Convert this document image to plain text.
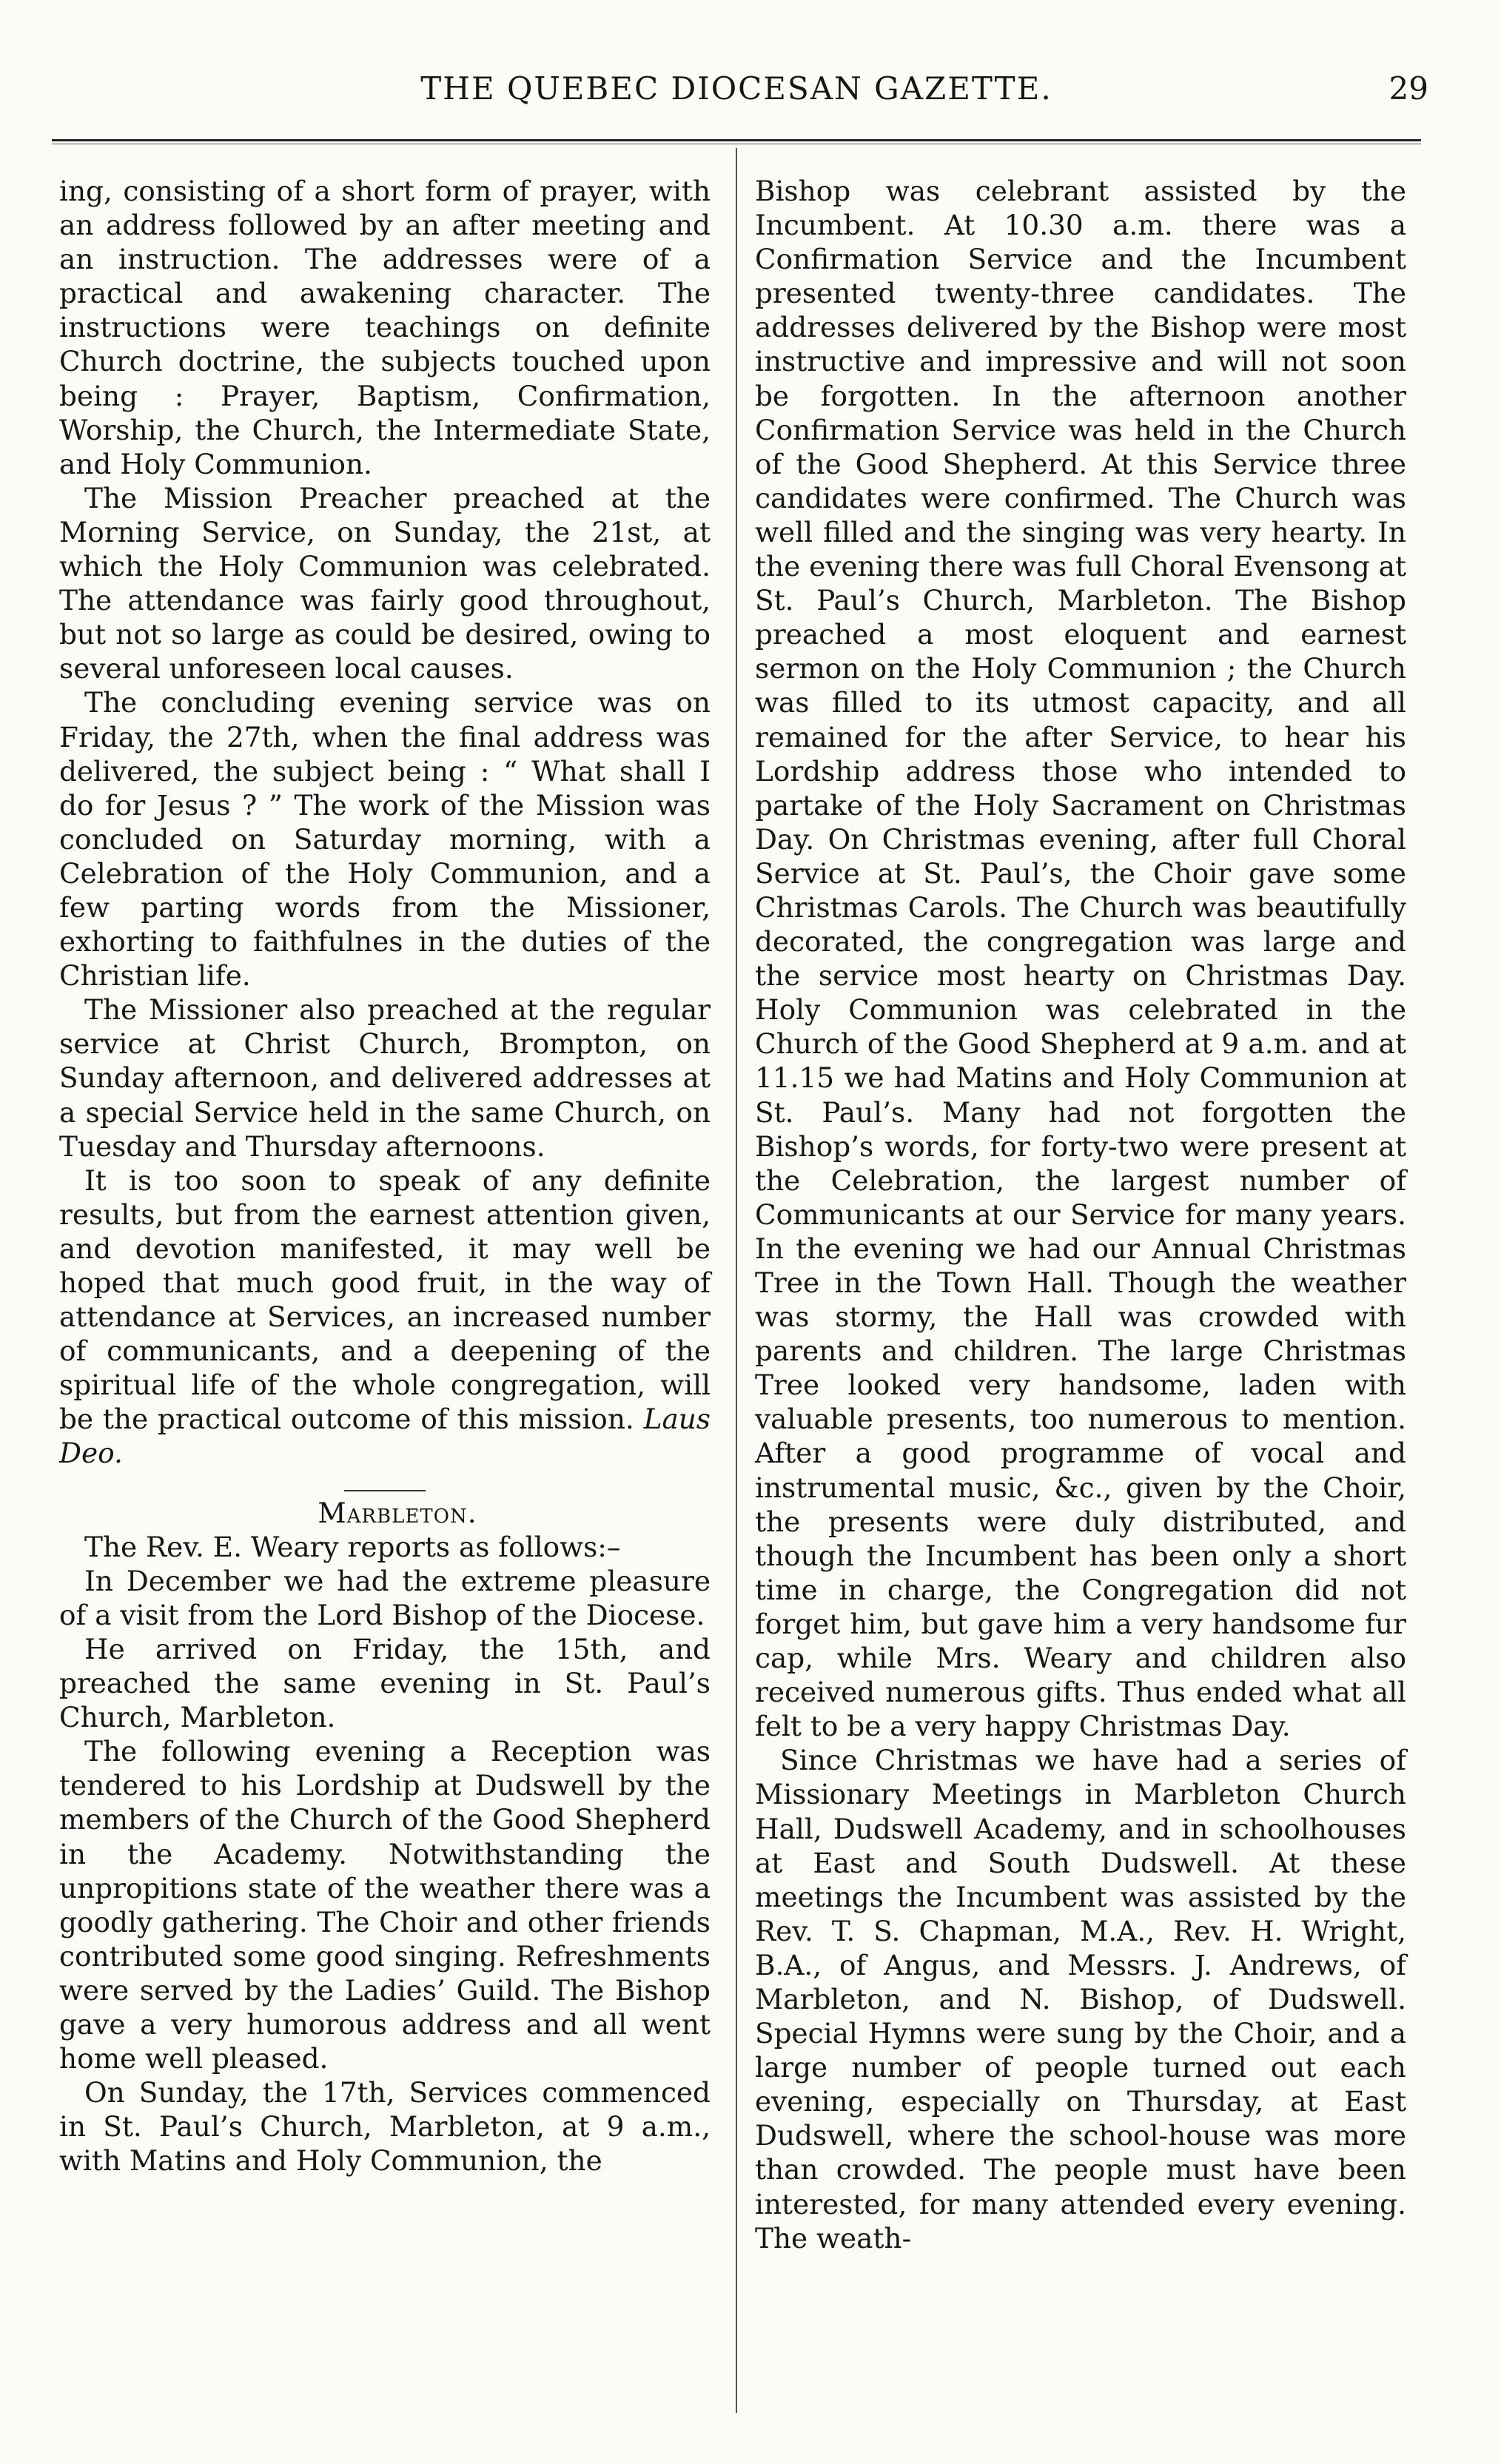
THE QUEBEC DIOCESAN GAZETTE.	29

ing, consisting of a short form of prayer, with an address followed by an after meeting and an instruction. The addresses were of a practical and awakening character. The instructions were teachings on definite Church doctrine, the subjects touched upon being : Prayer, Baptism, Confirmation, Worship, the Church, the Intermediate State, and Holy Communion.

The Mission Preacher preached at the Morning Service, on Sunday, the 21st, at which the Holy Communion was celebrated. The attendance was fairly good throughout, but not so large as could be desired, owing to several unforeseen local causes.

The concluding evening service was on Friday, the 27th, when the final address was delivered, the subject being : “ What shall I do for Jesus ? ” The work of the Mission was concluded on Saturday morning, with a Celebration of the Holy Communion, and a few parting words from the Missioner, exhorting to faithfulnes in the duties of the Christian life.

The Missioner also preached at the regular service at Christ Church, Brompton, on Sunday afternoon, and delivered addresses at a special Service held in the same Church, on Tuesday and Thursday afternoons.

It is too soon to speak of any definite results, but from the earnest attention given, and devotion manifested, it may well be hoped that much good fruit, in the way of attendance at Services, an increased number of communicants, and a deepening of the spiritual life of the whole congregation, will be the practical outcome of this mission. Laus Deo.

Marbleton.

The Rev. E. Weary reports as follows:–

In December we had the extreme pleasure of a visit from the Lord Bishop of the Diocese.

He arrived on Friday, the 15th, and preached the same evening in St. Paul’s Church, Marbleton.

The following evening a Reception was tendered to his Lordship at Dudswell by the members of the Church of the Good Shepherd in the Academy. Notwithstanding the unpropitions state of the weather there was a goodly gathering. The Choir and other friends contributed some good singing. Refreshments were served by the Ladies’ Guild. The Bishop gave a very humorous address and all went home well pleased.

On Sunday, the 17th, Services commenced in St. Paul’s Church, Marbleton, at 9 a.m., with Matins and Holy Communion, the

Bishop was celebrant assisted by the Incumbent. At 10.30 a.m. there was a Confirmation Service and the Incumbent presented twenty-three candidates. The addresses delivered by the Bishop were most instructive and impressive and will not soon be forgotten. In the afternoon another Confirmation Service was held in the Church of the Good Shepherd. At this Service three candidates were confirmed. The Church was well filled and the singing was very hearty. In the evening there was full Choral Evensong at St. Paul’s Church, Marbleton. The Bishop preached a most eloquent and earnest sermon on the Holy Communion ; the Church was filled to its utmost capacity, and all remained for the after Service, to hear his Lordship address those who intended to partake of the Holy Sacrament on Christmas Day. On Christmas evening, after full Choral Service at St. Paul’s, the Choir gave some Christmas Carols. The Church was beautifully decorated, the congregation was large and the service most hearty on Christmas Day. Holy Communion was celebrated in the Church of the Good Shepherd at 9 a.m. and at 11.15 we had Matins and Holy Communion at St. Paul’s. Many had not forgotten the Bishop’s words, for forty-two were present at the Celebration, the largest number of Communicants at our Service for many years. In the evening we had our Annual Christmas Tree in the Town Hall. Though the weather was stormy, the Hall was crowded with parents and children. The large Christmas Tree looked very handsome, laden with valuable presents, too numerous to mention. After a good programme of vocal and instrumental music, &c., given by the Choir, the presents were duly distributed, and though the Incumbent has been only a short time in charge, the Congregation did not forget him, but gave him a very handsome fur cap, while Mrs. Weary and children also received numerous gifts. Thus ended what all felt to be a very happy Christmas Day.

Since Christmas we have had a series of Missionary Meetings in Marbleton Church Hall, Dudswell Academy, and in schoolhouses at East and South Dudswell. At these meetings the Incumbent was assisted by the Rev. T. S. Chapman, M.A., Rev. H. Wright, B.A., of Angus, and Messrs. J. Andrews, of Marbleton, and N. Bishop, of Dudswell. Special Hymns were sung by the Choir, and a large number of people turned out each evening, especially on Thursday, at East Dudswell, where the school-house was more than crowded. The people must have been interested, for many attended every evening. The weath-
